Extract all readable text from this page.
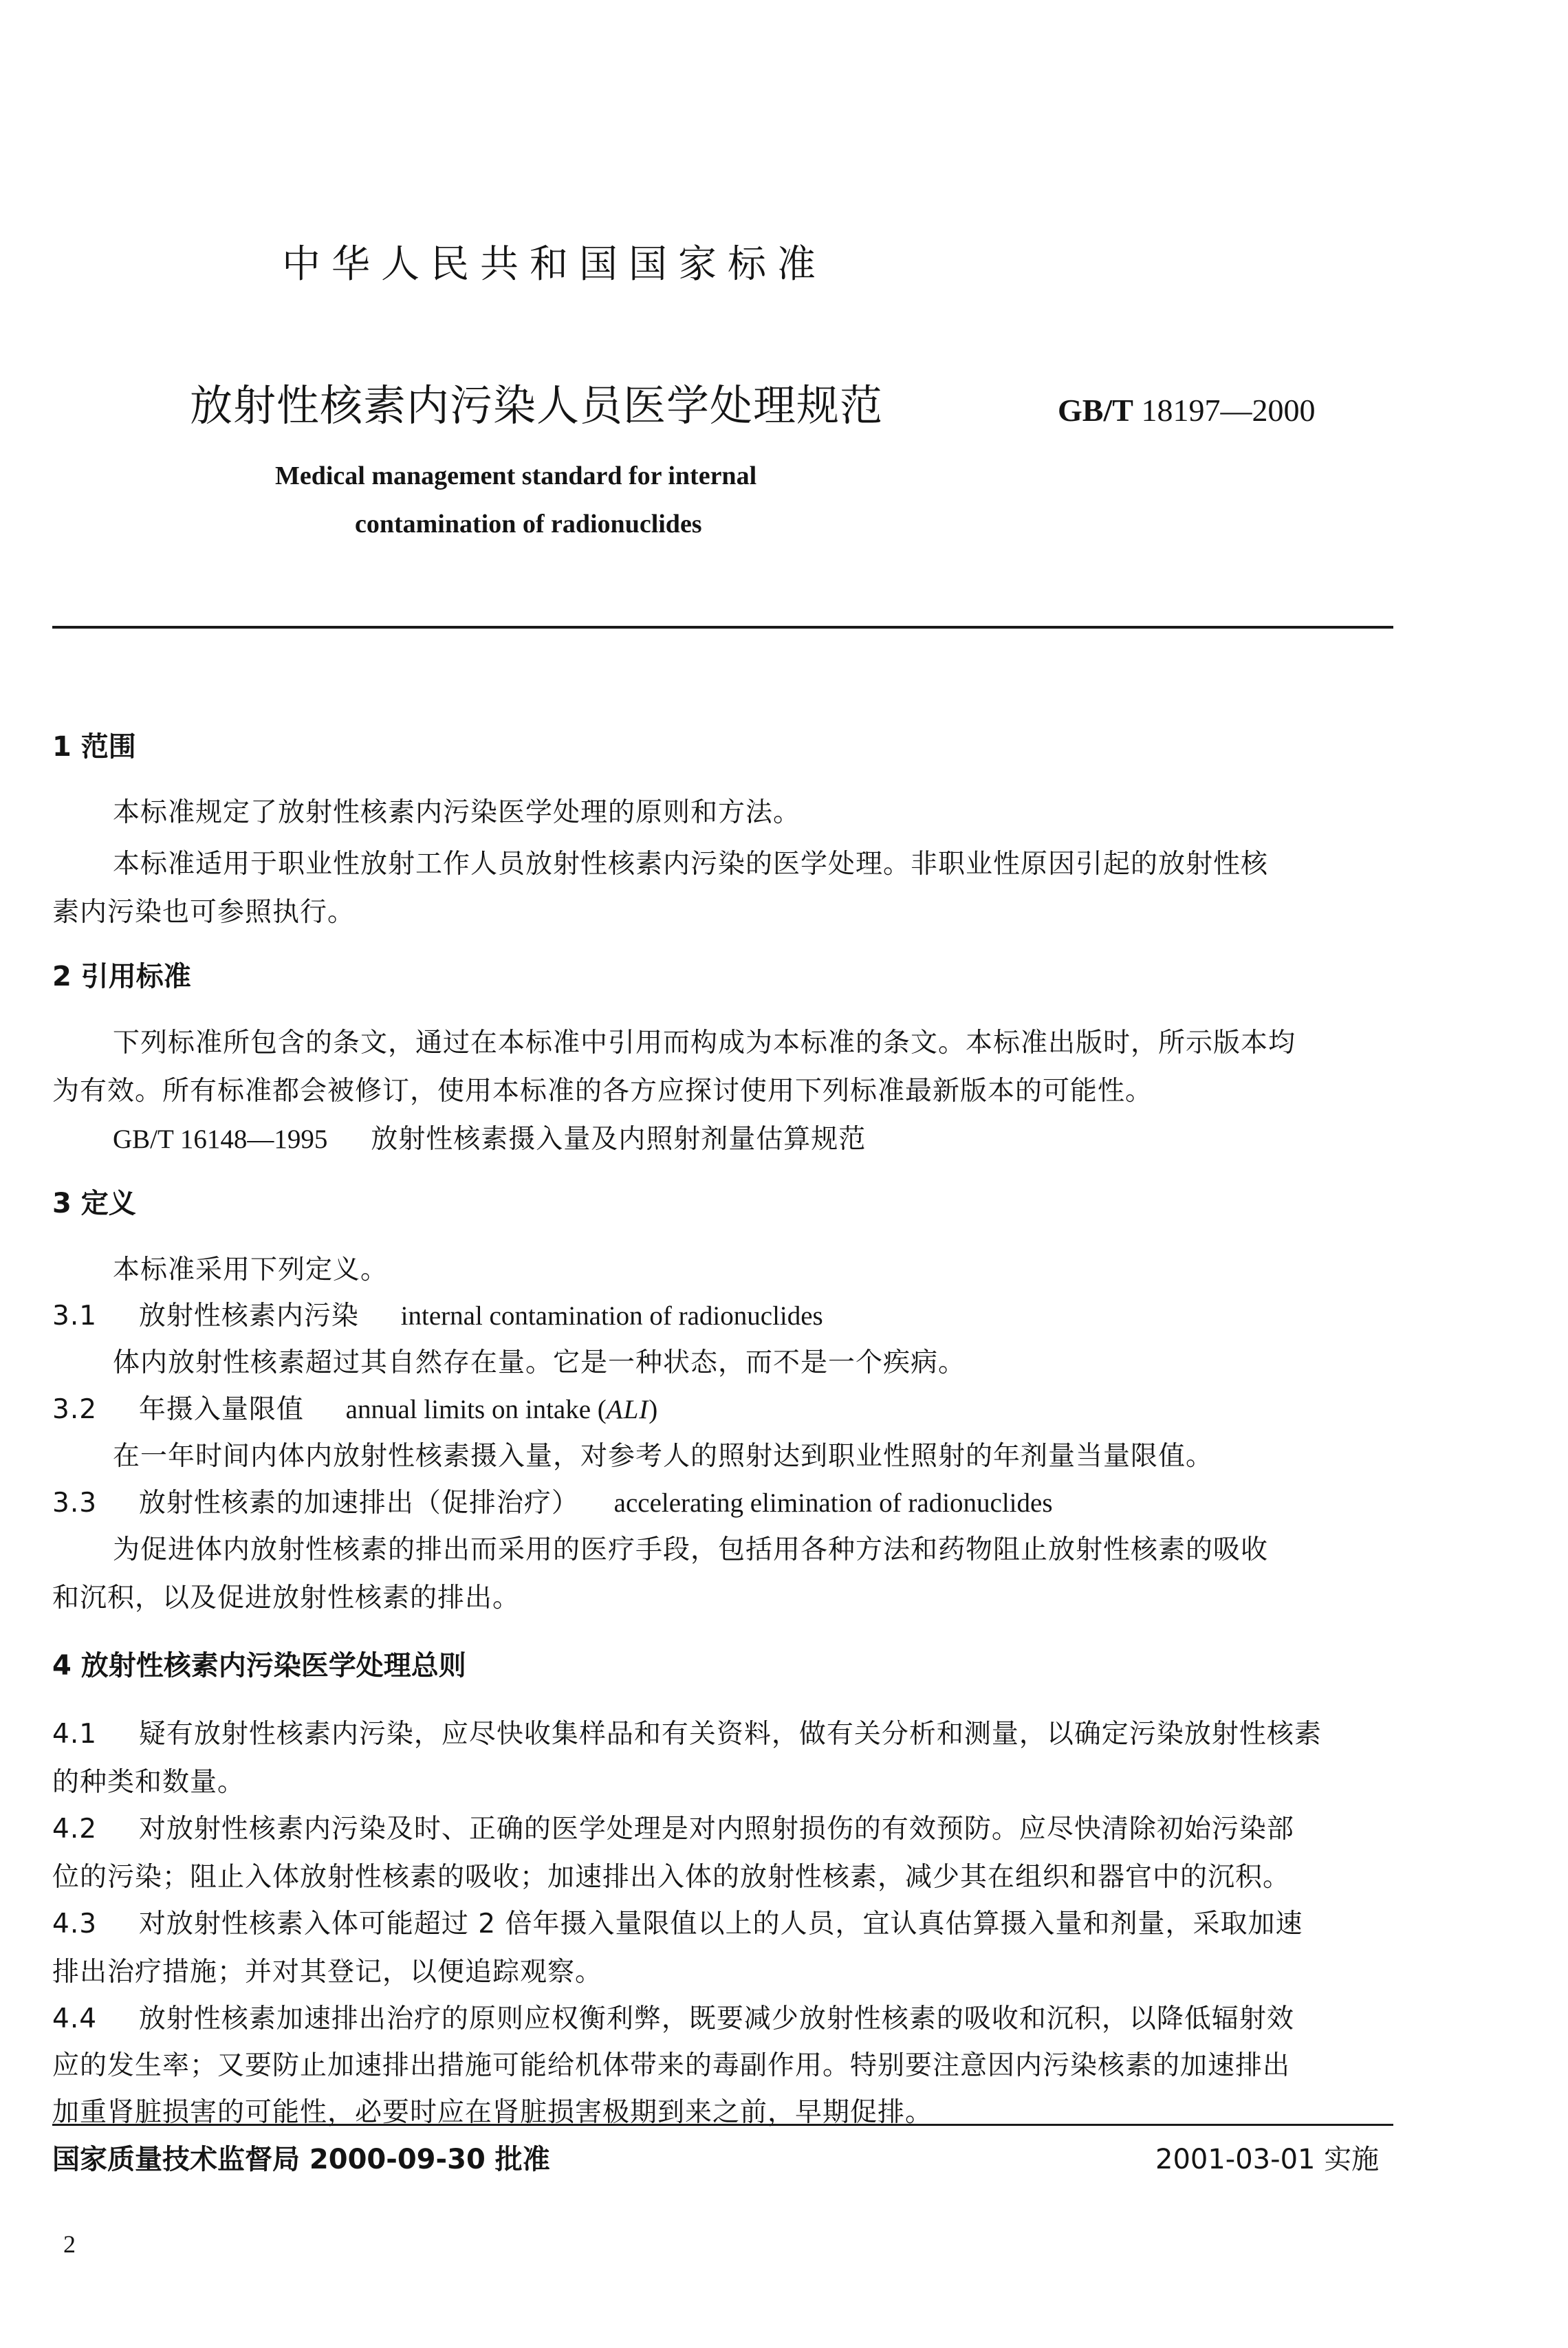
中华人民共和国国家标准
放射性核素内污染人员医学处理规范	GB/T 18197—2000
Medical management standard for internal
contamination of radionuclides
1 范围
本标准规定了放射性核素内污染医学处理的原则和方法。
本标准适用于职业性放射工作人员放射性核素内污染的医学处理。非职业性原因引起的放射性核
素内污染也可参照执行。
2 引用标准
下列标准所包含的条文，通过在本标准中引用而构成为本标准的条文。本标准出版时，所示版本均
为有效。所有标准都会被修订，使用本标准的各方应探讨使用下列标准最新版本的可能性。
GB/T 16148—1995 放射性核素摄入量及内照射剂量估算规范
3 定义
本标准采用下列定义。
3.1 放射性核素内污染 internal contamination of radionuclides
体内放射性核素超过其自然存在量。它是一种状态，而不是一个疾病。
3.2 年摄入量限值 annual limits on intake (ALI)
在一年时间内体内放射性核素摄入量，对参考人的照射达到职业性照射的年剂量当量限值。
3.3 放射性核素的加速排出（促排治疗） accelerating elimination of radionuclides
为促进体内放射性核素的排出而采用的医疗手段，包括用各种方法和药物阻止放射性核素的吸收
和沉积，以及促进放射性核素的排出。
4 放射性核素内污染医学处理总则
4.1 疑有放射性核素内污染，应尽快收集样品和有关资料，做有关分析和测量，以确定污染放射性核素
的种类和数量。
4.2 对放射性核素内污染及时、正确的医学处理是对内照射损伤的有效预防。应尽快清除初始污染部
位的污染；阻止入体放射性核素的吸收；加速排出入体的放射性核素，减少其在组织和器官中的沉积。
4.3 对放射性核素入体可能超过 2 倍年摄入量限值以上的人员，宜认真估算摄入量和剂量，采取加速
排出治疗措施；并对其登记，以便追踪观察。
4.4 放射性核素加速排出治疗的原则应权衡利弊，既要减少放射性核素的吸收和沉积，以降低辐射效
应的发生率；又要防止加速排出措施可能给机体带来的毒副作用。特别要注意因内污染核素的加速排出
加重肾脏损害的可能性，必要时应在肾脏损害极期到来之前，早期促排。
国家质量技术监督局 2000-09-30 批准	2001-03-01 实施
2
